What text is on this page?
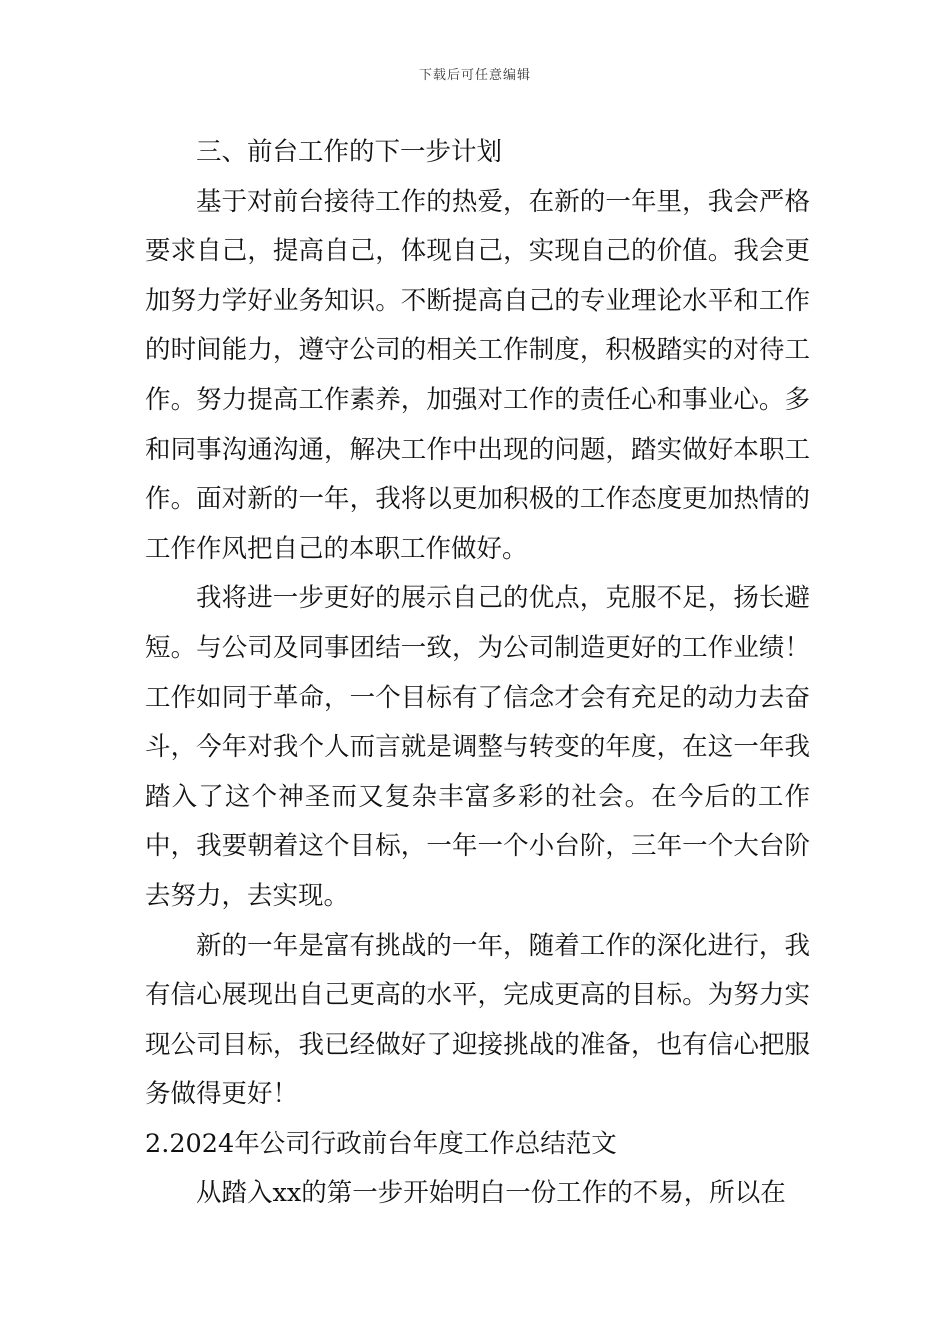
下载后可任意编辑

三、前台工作的下一步计划

基于对前台接待工作的热爱，在新的一年里，我会严格要求自己，提高自己，体现自己，实现自己的价值。我会更加努力学好业务知识。不断提高自己的专业理论水平和工作的时间能力，遵守公司的相关工作制度，积极踏实的对待工作。努力提高工作素养，加强对工作的责任心和事业心。多和同事沟通沟通，解决工作中出现的问题，踏实做好本职工作。面对新的一年，我将以更加积极的工作态度更加热情的工作作风把自己的本职工作做好。

我将进一步更好的展示自己的优点，克服不足，扬长避短。与公司及同事团结一致，为公司制造更好的工作业绩！工作如同于革命，一个目标有了信念才会有充足的动力去奋斗，今年对我个人而言就是调整与转变的年度，在这一年我踏入了这个神圣而又复杂丰富多彩的社会。在今后的工作中，我要朝着这个目标，一年一个小台阶，三年一个大台阶去努力，去实现。

新的一年是富有挑战的一年，随着工作的深化进行，我有信心展现出自己更高的水平，完成更高的目标。为努力实现公司目标，我已经做好了迎接挑战的准备，也有信心把服务做得更好！

2.2024年公司行政前台年度工作总结范文

从踏入xx的第一步开始明白一份工作的不易，所以在
